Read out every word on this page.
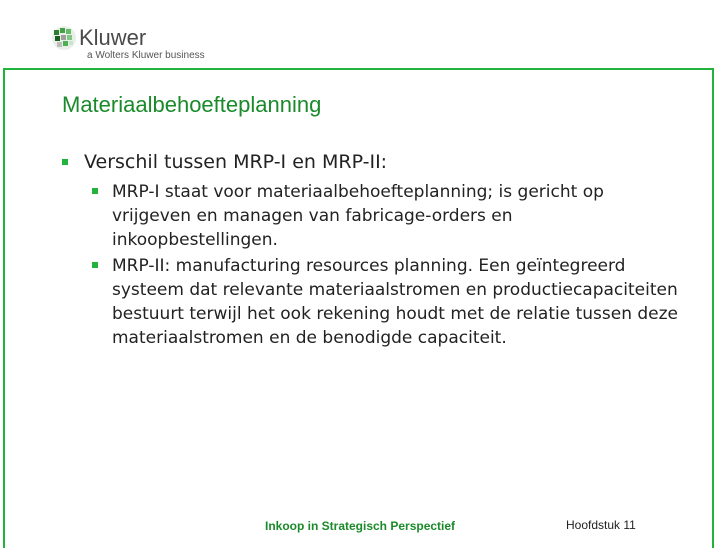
Kluwer
a Wolters Kluwer business
Materiaalbehoefteplanning
Verschil tussen MRP-I en MRP-II:
MRP-I staat voor materiaalbehoefteplanning; is gericht op vrijgeven en managen van fabricage-orders en inkoopbestellingen.
MRP-II: manufacturing resources planning. Een geïntegreerd systeem dat relevante materiaalstromen en productiecapaciteiten bestuurt terwijl het ook rekening houdt met de relatie tussen deze materiaalstromen en de benodigde capaciteit.
Inkoop in Strategisch Perspectief	Hoofdstuk 11
